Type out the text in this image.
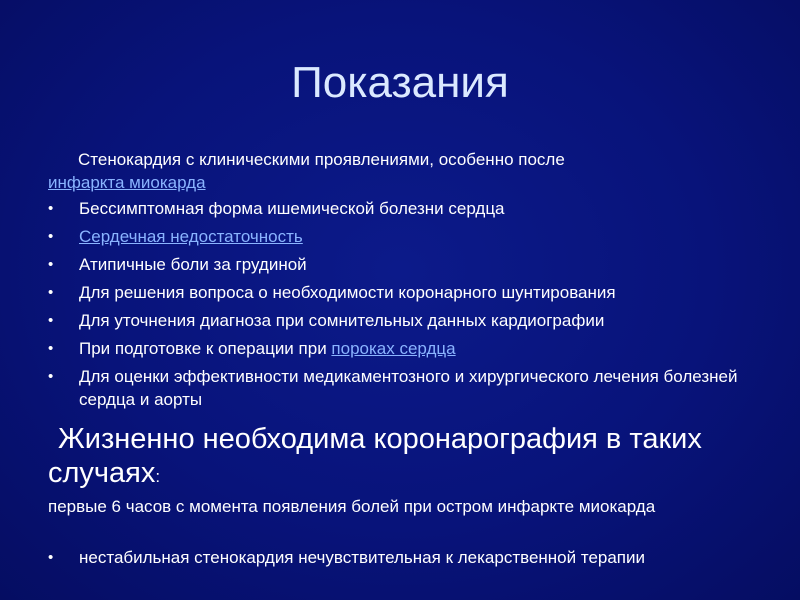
Показания
Стенокардия с клиническими проявлениями, особенно после
инфаркта миокарда
• Бессимптомная форма ишемической болезни сердца
• Сердечная недостаточность
• Атипичные боли за грудиной
• Для решения вопроса о необходимости коронарного шунтирования
• Для уточнения диагноза при сомнительных данных кардиографии
• При подготовке к операции при пороках сердца
• Для оценки эффективности медикаментозного и хирургического лечения болезней сердца и аорты
Жизненно необходима коронарография в таких случаях:
первые 6 часов с момента появления болей при остром инфаркте миокарда
• нестабильная стенокардия нечувствительная к лекарственной терапии
